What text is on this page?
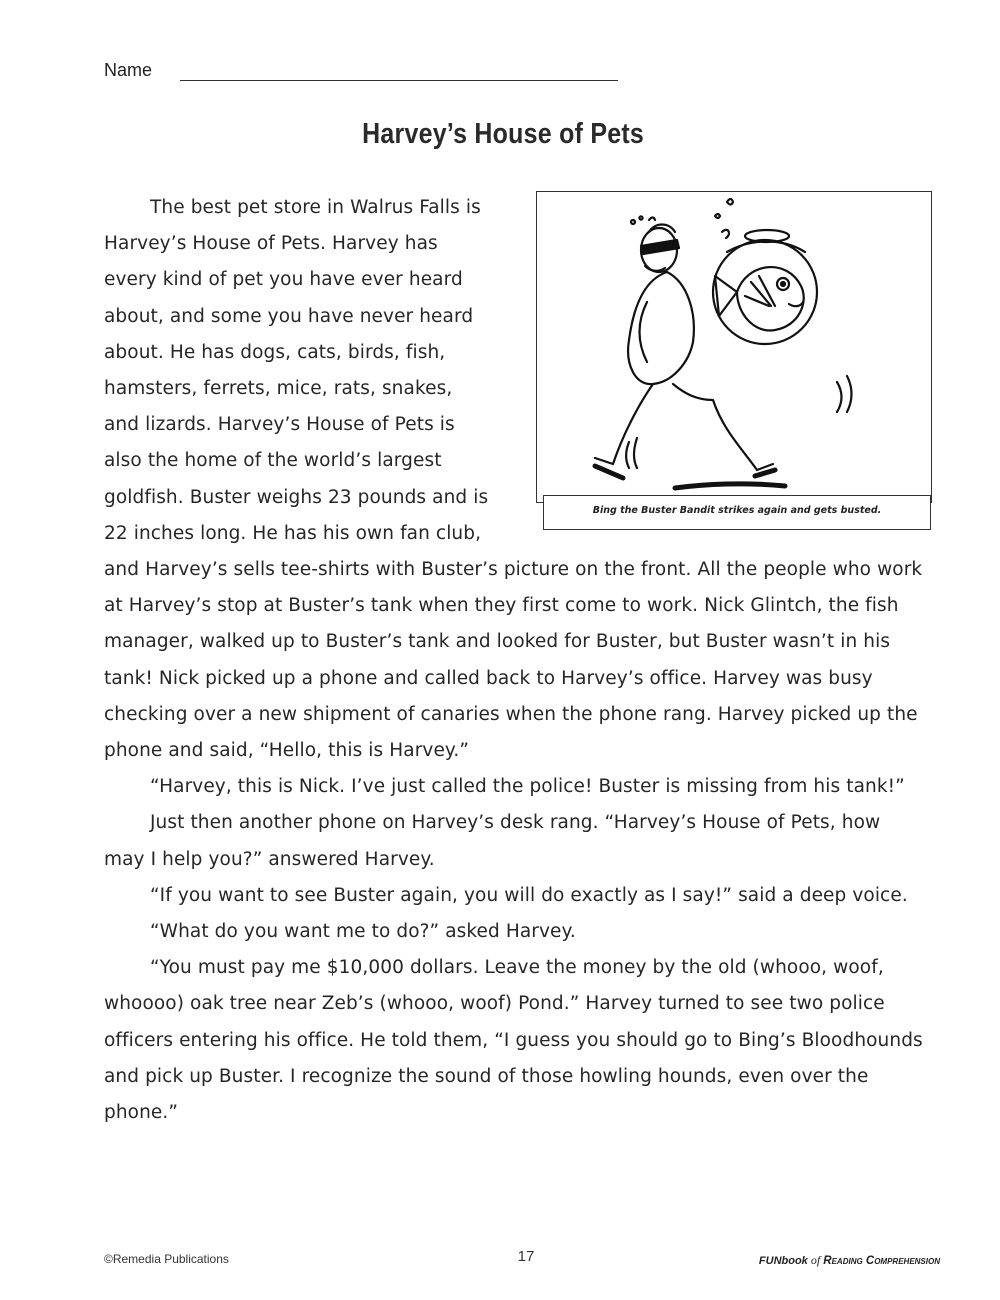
Name
Harvey’s House of Pets
Bing the Buster Bandit strikes again and gets busted.

The best pet store in Walrus Falls is Harvey’s House of Pets. Harvey has every kind of pet you have ever heard about, and some you have never heard about. He has dogs, cats, birds, fish, hamsters, ferrets, mice, rats, snakes, and lizards. Harvey’s House of Pets is also the home of the world’s largest goldfish. Buster weighs 23 pounds and is 22 inches long. He has his own fan club, and Harvey’s sells tee-shirts with Buster’s picture on the front. All the people who work at Harvey’s stop at Buster’s tank when they first come to work. Nick Glintch, the fish manager, walked up to Buster’s tank and looked for Buster, but Buster wasn’t in his tank! Nick picked up a phone and called back to Harvey’s office. Harvey was busy checking over a new shipment of canaries when the phone rang. Harvey picked up the phone and said, “Hello, this is Harvey.”

“Harvey, this is Nick. I’ve just called the police! Buster is missing from his tank!”

Just then another phone on Harvey’s desk rang. “Harvey’s House of Pets, how may I help you?” answered Harvey.

“If you want to see Buster again, you will do exactly as I say!” said a deep voice.

“What do you want me to do?” asked Harvey.

“You must pay me $10,000 dollars. Leave the money by the old (whooo, woof, whoooo) oak tree near Zeb’s (whooo, woof) Pond.” Harvey turned to see two police officers entering his office. He told them, “I guess you should go to Bing’s Bloodhounds and pick up Buster. I recognize the sound of those howling hounds, even over the phone.”

©Remedia Publications	17	FUNbook of Reading Comprehension
